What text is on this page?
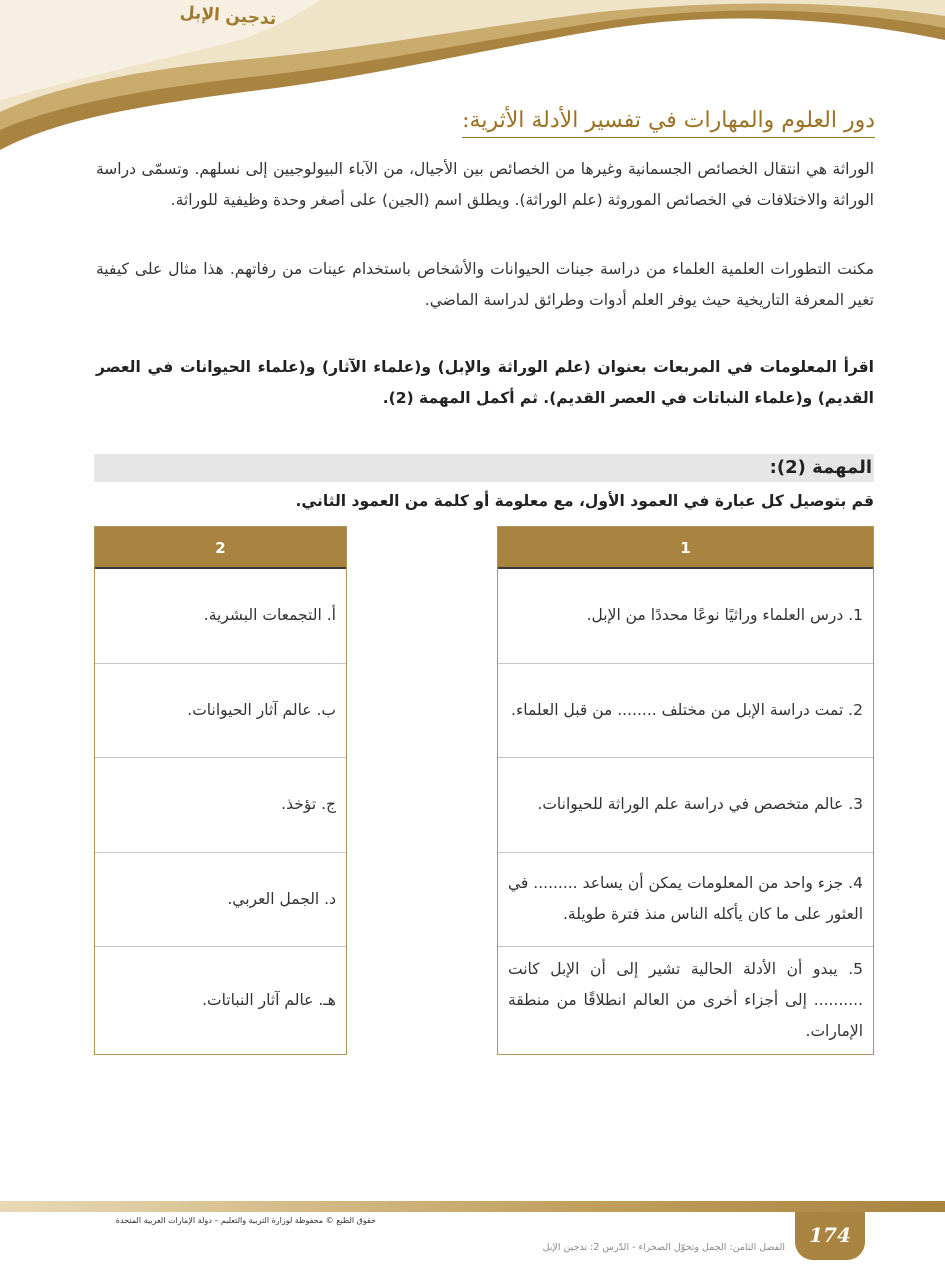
تدجين الإبل
دور العلوم والمهارات في تفسير الأدلة الأثرية:

الوراثة هي انتقال الخصائص الجسمانية وغيرها من الخصائص بين الأجيال، من الآباء البيولوجيين إلى نسلهم. وتسمّى دراسة الوراثة والاختلافات في الخصائص الموروثة (علم الوراثة). ويطلق اسم (الجين) على أصغر وحدة وظيفية للوراثة.

مكنت التطورات العلمية العلماء من دراسة جينات الحيوانات والأشخاص باستخدام عينات من رفاتهم. هذا مثال على كيفية تغير المعرفة التاريخية حيث يوفر العلم أدوات وطرائق لدراسة الماضي.

اقرأ المعلومات في المربعات بعنوان (علم الوراثة والإبل) و(علماء الآثار) و(علماء الحيوانات في العصر القديم) و(علماء النباتات في العصر القديم). ثم أكمل المهمة (2).

المهمة (2):
قم بتوصيل كل عبارة في العمود الأول، مع معلومة أو كلمة من العمود الثاني.
1
1. درس العلماء وراثيًا نوعًا محددًا من الإبل.
2. تمت دراسة الإبل من مختلف ........ من قبل العلماء.
3. عالم متخصص في دراسة علم الوراثة للحيوانات.
4. جزء واحد من المعلومات يمكن أن يساعد ......... في العثور على ما كان يأكله الناس منذ فترة طويلة.
5. يبدو أن الأدلة الحالية تشير إلى أن الإبل كانت .......... إلى أجزاء أخرى من العالم انطلاقًا من منطقة الإمارات.
2
أ. التجمعات البشرية.
ب. عالم آثار الحيوانات.
ج. تؤخذ.
د. الجمل العربي.
هـ. عالم آثار النباتات.
174
حقوق الطبع © محفوظة لوزارة التربية والتعليم – دولة الإمارات العربية المتحدة
الفصل الثامن: الجمل وتحوّل الصحراء - الدّرس 2: تدجين الإبل
